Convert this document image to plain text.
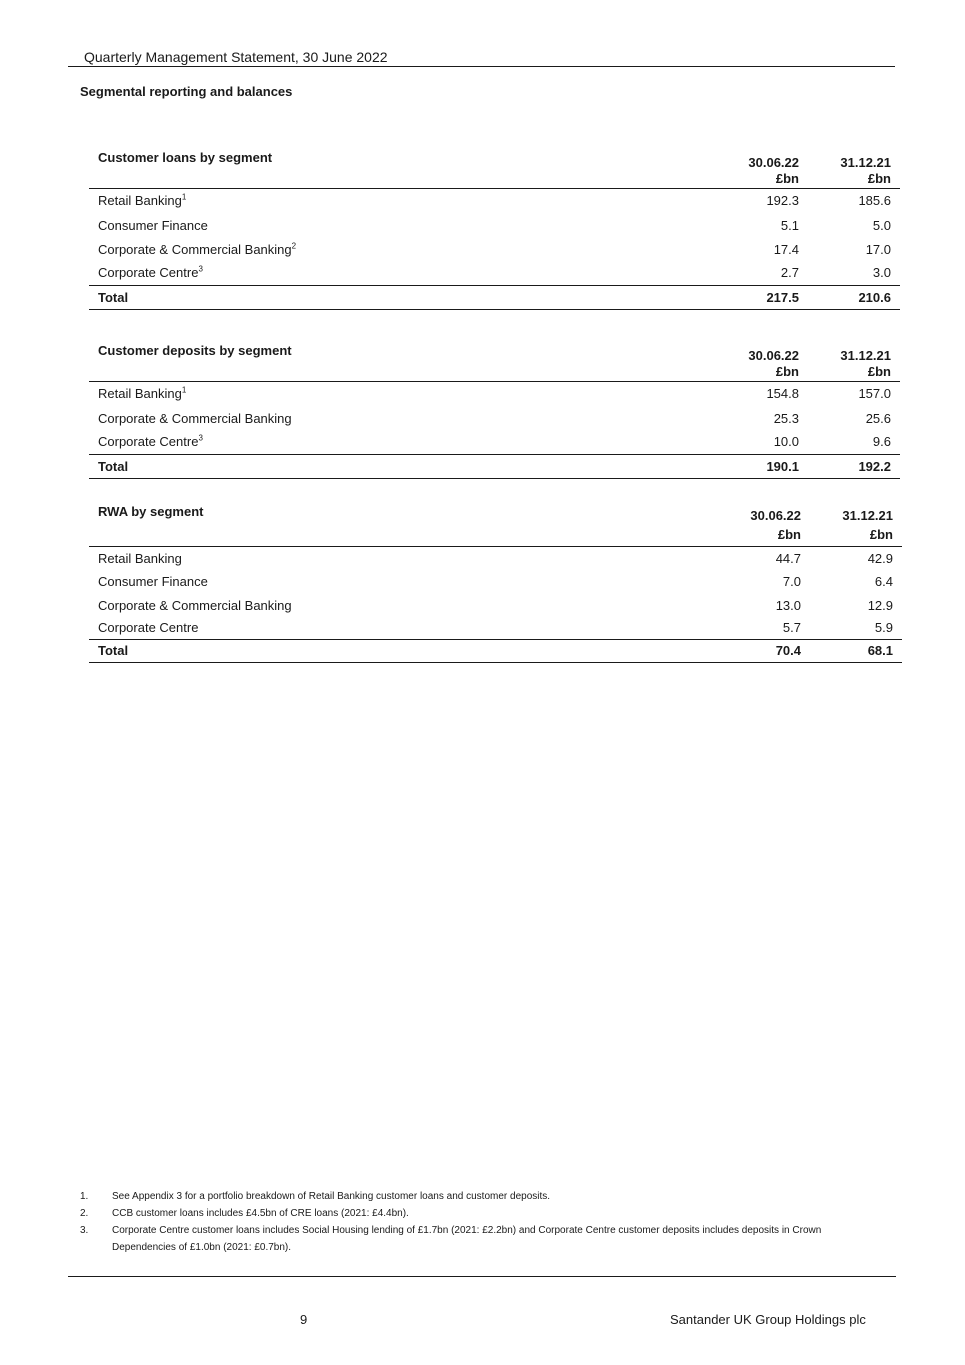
Quarterly Management Statement, 30 June 2022
Segmental reporting and balances
Customer loans by segment	30.06.22	31.12.21
	£bn	£bn
Retail Banking$^1$	192.3	185.6
Consumer Finance	5.1	5.0
Corporate & Commercial Banking$^2$	17.4	17.0
Corporate Centre$^3$	2.7	3.0
Total	217.5	210.6
Customer deposits by segment	30.06.22	31.12.21
	£bn	£bn
Retail Banking$^1$	154.8	157.0
Corporate & Commercial Banking	25.3	25.6
Corporate Centre$^3$	10.0	9.6
Total	190.1	192.2
RWA by segment	30.06.22	31.12.21
	£bn	£bn
Retail Banking	44.7	42.9
Consumer Finance	7.0	6.4
Corporate & Commercial Banking	13.0	12.9
Corporate Centre	5.7	5.9
Total	70.4	68.1
1.	See Appendix 3 for a portfolio breakdown of Retail Banking customer loans and customer deposits.
2.	CCB customer loans includes £4.5bn of CRE loans (2021: £4.4bn).
3.	Corporate Centre customer loans includes Social Housing lending of £1.7bn (2021: £2.2bn) and Corporate Centre customer deposits includes deposits in Crown Dependencies of £1.0bn (2021: £0.7bn).
9	Santander UK Group Holdings plc
